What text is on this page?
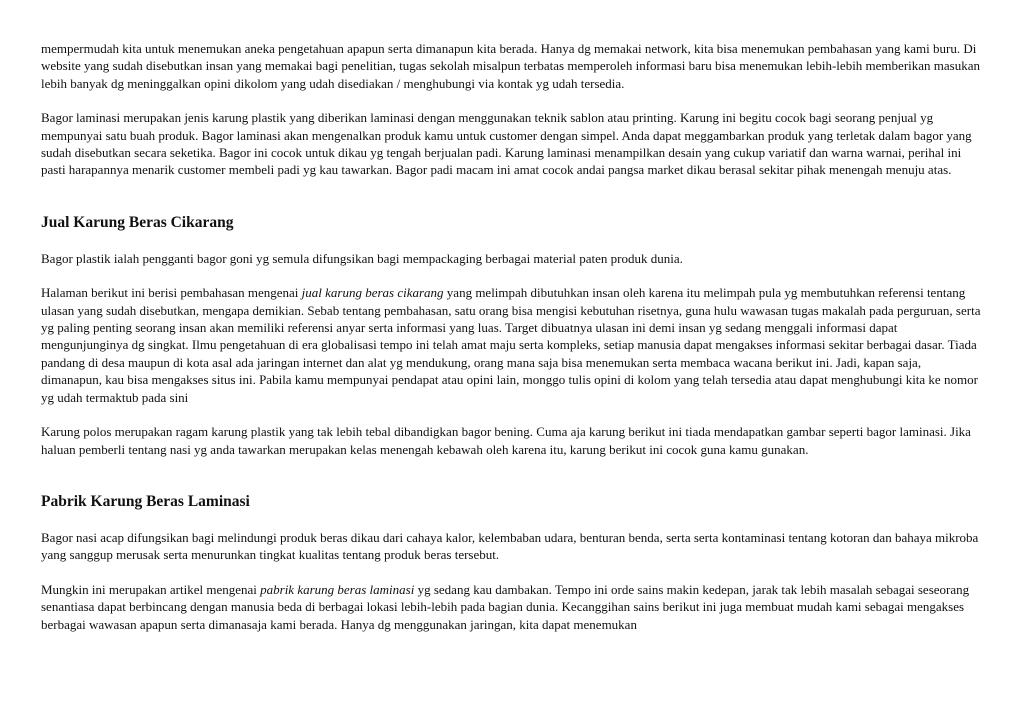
mempermudah kita untuk menemukan aneka pengetahuan apapun serta dimanapun kita berada. Hanya dg memakai network, kita bisa menemukan pembahasan yang kami buru. Di website yang sudah disebutkan insan yang memakai bagi penelitian, tugas sekolah misalpun terbatas memperoleh informasi baru bisa menemukan lebih-lebih memberikan masukan lebih banyak dg meninggalkan opini dikolom yang udah disediakan / menghubungi via kontak yg udah tersedia.

Bagor laminasi merupakan jenis karung plastik yang diberikan laminasi dengan menggunakan teknik sablon atau printing. Karung ini begitu cocok bagi seorang penjual yg mempunyai satu buah produk. Bagor laminasi akan mengenalkan produk kamu untuk customer dengan simpel. Anda dapat meggambarkan produk yang terletak dalam bagor yang sudah disebutkan secara seketika. Bagor ini cocok untuk dikau yg tengah berjualan padi. Karung laminasi menampilkan desain yang cukup variatif dan warna warnai, perihal ini pasti harapannya menarik customer membeli padi yg kau tawarkan. Bagor padi macam ini amat cocok andai pangsa market dikau berasal sekitar pihak menengah menuju atas.

Jual Karung Beras Cikarang

Bagor plastik ialah pengganti bagor goni yg semula difungsikan bagi mempackaging berbagai material paten produk dunia.

Halaman berikut ini berisi pembahasan mengenai jual karung beras cikarang yang melimpah dibutuhkan insan oleh karena itu melimpah pula yg membutuhkan referensi tentang ulasan yang sudah disebutkan, mengapa demikian. Sebab tentang pembahasan, satu orang bisa mengisi kebutuhan risetnya, guna hulu wawasan tugas makalah pada perguruan, serta yg paling penting seorang insan akan memiliki referensi anyar serta informasi yang luas. Target dibuatnya ulasan ini demi insan yg sedang menggali informasi dapat mengunjunginya dg singkat. Ilmu pengetahuan di era globalisasi tempo ini telah amat maju serta kompleks, setiap manusia dapat mengakses informasi sekitar berbagai dasar. Tiada pandang di desa maupun di kota asal ada jaringan internet dan alat yg mendukung, orang mana saja bisa menemukan serta membaca wacana berikut ini. Jadi, kapan saja, dimanapun, kau bisa mengakses situs ini. Pabila kamu mempunyai pendapat atau opini lain, monggo tulis opini di kolom yang telah tersedia atau dapat menghubungi kita ke nomor yg udah termaktub pada sini

Karung polos merupakan ragam karung plastik yang tak lebih tebal dibandigkan bagor bening. Cuma aja karung berikut ini tiada mendapatkan gambar seperti bagor laminasi. Jika haluan pemberli tentang nasi yg anda tawarkan merupakan kelas menengah kebawah oleh karena itu, karung berikut ini cocok guna kamu gunakan.

Pabrik Karung Beras Laminasi

Bagor nasi acap difungsikan bagi melindungi produk beras dikau dari cahaya kalor, kelembaban udara, benturan benda, serta serta kontaminasi tentang kotoran dan bahaya mikroba yang sanggup merusak serta menurunkan tingkat kualitas tentang produk beras tersebut.

Mungkin ini merupakan artikel mengenai pabrik karung beras laminasi yg sedang kau dambakan. Tempo ini orde sains makin kedepan, jarak tak lebih masalah sebagai seseorang senantiasa dapat berbincang dengan manusia beda di berbagai lokasi lebih-lebih pada bagian dunia. Kecanggihan sains berikut ini juga membuat mudah kami sebagai mengakses berbagai wawasan apapun serta dimanasaja kami berada. Hanya dg menggunakan jaringan, kita dapat menemukan
